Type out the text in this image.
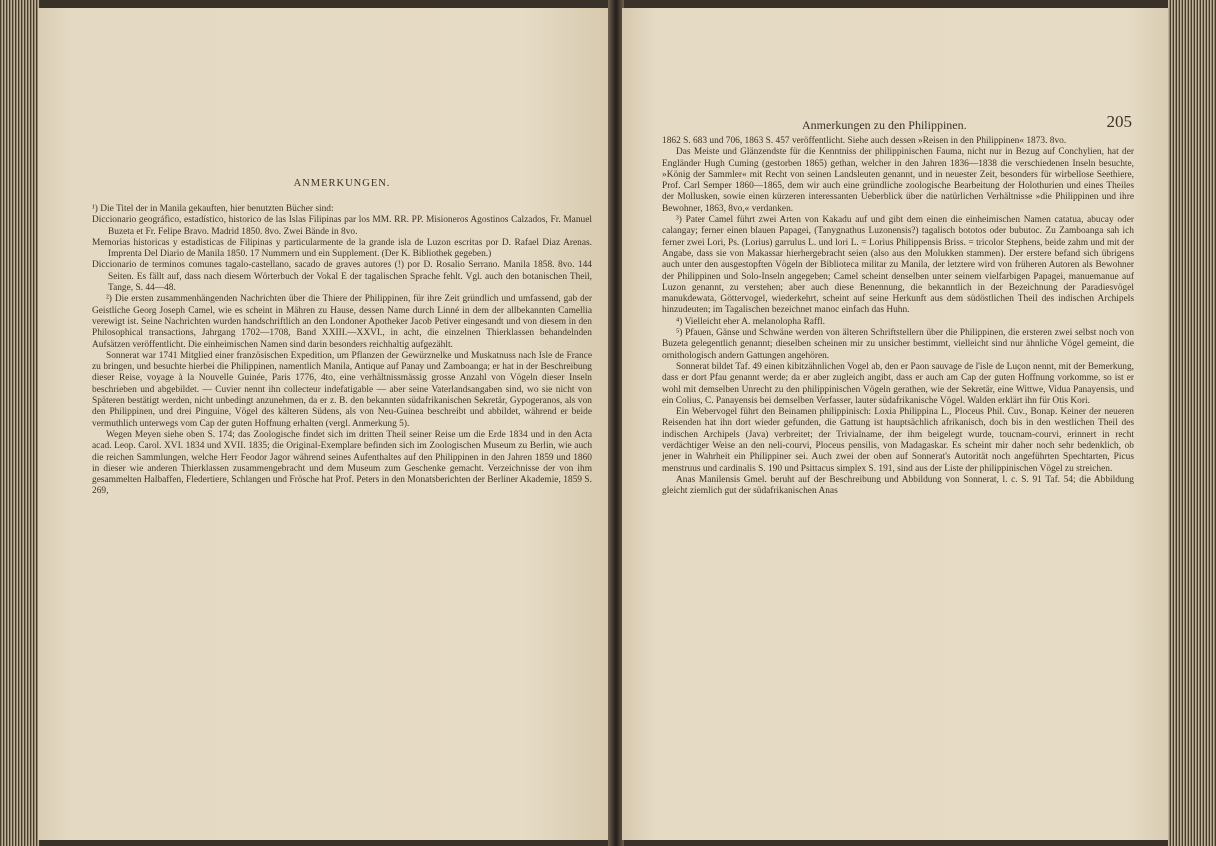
ANMERKUNGEN.

¹) Die Titel der in Manila gekauften, hier benutzten Bücher sind:

Diccionario geográfico, estadístico, historico de las Islas Filipinas par los MM. RR. PP. Misioneros Agostinos Calzados, Fr. Manuel Buzeta et Fr. Felipe Bravo. Madrid 1850. 8vo. Zwei Bände in 8vo.

Memorias historicas y estadisticas de Filipinas y particularmente de la grande isla de Luzon escritas por D. Rafael Diaz Arenas. Imprenta Del Diario de Manila 1850. 17 Nummern und ein Supplement. (Der K. Bibliothek gegeben.)

Diccionario de terminos comunes tagalo-castellano, sacado de graves autores (!) por D. Rosalio Serrano. Manila 1858. 8vo. 144 Seiten. Es fällt auf, dass nach diesem Wörterbuch der Vokal E der tagalischen Sprache fehlt. Vgl. auch den botanischen Theil, Tange, S. 44—48.

²) Die ersten zusammenhängenden Nachrichten über die Thiere der Philippinen, für ihre Zeit gründlich und umfassend, gab der Geistliche Georg Joseph Camel, wie es scheint in Mähren zu Hause, dessen Name durch Linné in dem der allbekannten Camellia verewigt ist. Seine Nachrichten wurden handschriftlich an den Londoner Apotheker Jacob Petiver eingesandt und von diesem in den Philosophical transactions, Jahrgang 1702—1708, Band XXIII.—XXVI., in acht, die einzelnen Thierklassen behandelnden Aufsätzen veröffentlicht. Die einheimischen Namen sind darin besonders reichhaltig aufgezählt.

Sonnerat war 1741 Mitglied einer französischen Expedition, um Pflanzen der Gewürznelke und Muskatnuss nach Isle de France zu bringen, und besuchte hierbei die Philippinen, namentlich Manila, Antique auf Panay und Zamboanga; er hat in der Beschreibung dieser Reise, voyage à la Nouvelle Guinée, Paris 1776, 4to, eine verhältnissmässig grosse Anzahl von Vögeln dieser Inseln beschrieben und abgebildet. — Cuvier nennt ihn collecteur indefatigable — aber seine Vaterlandsangaben sind, wo sie nicht von Späteren bestätigt werden, nicht unbedingt anzunehmen, da er z. B. den bekannten südafrikanischen Sekretär, Gypogeranos, als von den Philippinen, und drei Pinguine, Vögel des kälteren Südens, als von Neu-Guinea beschreibt und abbildet, während er beide vermuthlich unterwegs vom Cap der guten Hoffnung erhalten (vergl. Anmerkung 5).

Wegen Meyen siehe oben S. 174; das Zoologische findet sich im dritten Theil seiner Reise um die Erde 1834 und in den Acta acad. Leop. Carol. XVI. 1834 und XVII. 1835; die Original-Exemplare befinden sich im Zoologischen Museum zu Berlin, wie auch die reichen Sammlungen, welche Herr Feodor Jagor während seines Aufenthaltes auf den Philippinen in den Jahren 1859 und 1860 in dieser wie anderen Thierklassen zusammengebracht und dem Museum zum Geschenke gemacht. Verzeichnisse der von ihm gesammelten Halbaffen, Fledertiere, Schlangen und Frösche hat Prof. Peters in den Monatsberichten der Berliner Akademie, 1859 S. 269,

Anmerkungen zu den Philippinen.	205

1862 S. 683 und 706, 1863 S. 457 veröffentlicht. Siehe auch dessen »Reisen in den Philippinen« 1873. 8vo.

Das Meiste und Glänzendste für die Kenntniss der philippinischen Fauma, nicht nur in Bezug auf Conchylien, hat der Engländer Hugh Cuming (gestorben 1865) gethan, welcher in den Jahren 1836—1838 die verschiedenen Inseln besuchte, »König der Sammler« mit Recht von seinen Landsleuten genannt, und in neuester Zeit, besonders für wirbellose Seethiere, Prof. Carl Semper 1860—1865, dem wir auch eine gründliche zoologische Bearbeitung der Holothurien und eines Theiles der Mollusken, sowie einen kürzeren interessanten Ueberblick über die natürlichen Verhältnisse »die Philippinen und ihre Bewohner, 1863, 8vo,« verdanken.

³) Pater Camel führt zwei Arten von Kakadu auf und gibt dem einen die einheimischen Namen catatua, abucay oder calangay; ferner einen blauen Papagei, (Tanygnathus Luzonensis?) tagalisch bototos oder bubutoc. Zu Zamboanga sah ich ferner zwei Lori, Ps. (Lorius) garrulus L. und lori L. = Lorius Philippensis Briss. = tricolor Stephens, beide zahm und mit der Angabe, dass sie von Makassar hierhergebracht seien (also aus den Molukken stammen). Der erstere befand sich übrigens auch unter den ausgestopften Vögeln der Biblioteca militar zu Manila, der letztere wird von früheren Autoren als Bewohner der Philippinen und Solo-Inseln angegeben; Camel scheint denselben unter seinem vielfarbigen Papagei, manuemanue auf Luzon genannt, zu verstehen; aber auch diese Benennung, die bekanntlich in der Bezeichnung der Paradiesvögel manukdewata, Göttervogel, wiederkehrt, scheint auf seine Herkunft aus dem südöstlichen Theil des indischen Archipels hinzudeuten; im Tagalischen bezeichnet manoc einfach das Huhn.

⁴) Vielleicht eher A. melanolopha Raffl.

⁵) Pfauen, Gänse und Schwäne werden von älteren Schriftstellern über die Philippinen, die ersteren zwei selbst noch von Buzeta gelegentlich genannt; dieselben scheinen mir zu unsicher bestimmt, vielleicht sind nur ähnliche Vögel gemeint, die ornithologisch andern Gattungen angehören.

Sonnerat bildet Taf. 49 einen kibitzähnlichen Vogel ab, den er Paon sauvage de l'isle de Luçon nennt, mit der Bemerkung, dass er dort Pfau genannt werde; da er aber zugleich angibt, dass er auch am Cap der guten Hoffnung vorkomme, so ist er wohl mit demselben Unrecht zu den philippinischen Vögeln gerathen, wie der Sekretär, eine Wittwe, Vidua Panayensis, und ein Colius, C. Panayensis bei demselben Verfasser, lauter südafrikanische Vögel. Walden erklärt ihn für Otis Kori.

Ein Webervogel führt den Beinamen philippinisch: Loxia Philippina L., Ploceus Phil. Cuv., Bonap. Keiner der neueren Reisenden hat ihn dort wieder gefunden, die Gattung ist hauptsächlich afrikanisch, doch bis in den westlichen Theil des indischen Archipels (Java) verbreitet; der Trivialname, der ihm beigelegt wurde, toucnam-courvi, erinnert in recht verdächtiger Weise an den neli-courvi, Ploceus pensilis, von Madagaskar. Es scheint mir daher noch sehr bedenklich, ob jener in Wahrheit ein Philippiner sei. Auch zwei der oben auf Sonnerat's Autorität noch angeführten Spechtarten, Picus menstruus und cardinalis S. 190 und Psittacus simplex S. 191, sind aus der Liste der philippinischen Vögel zu streichen.

Anas Manilensis Gmel. beruht auf der Beschreibung und Abbildung von Sonnerat, l. c. S. 91 Taf. 54; die Abbildung gleicht ziemlich gut der südafrikanischen Anas
